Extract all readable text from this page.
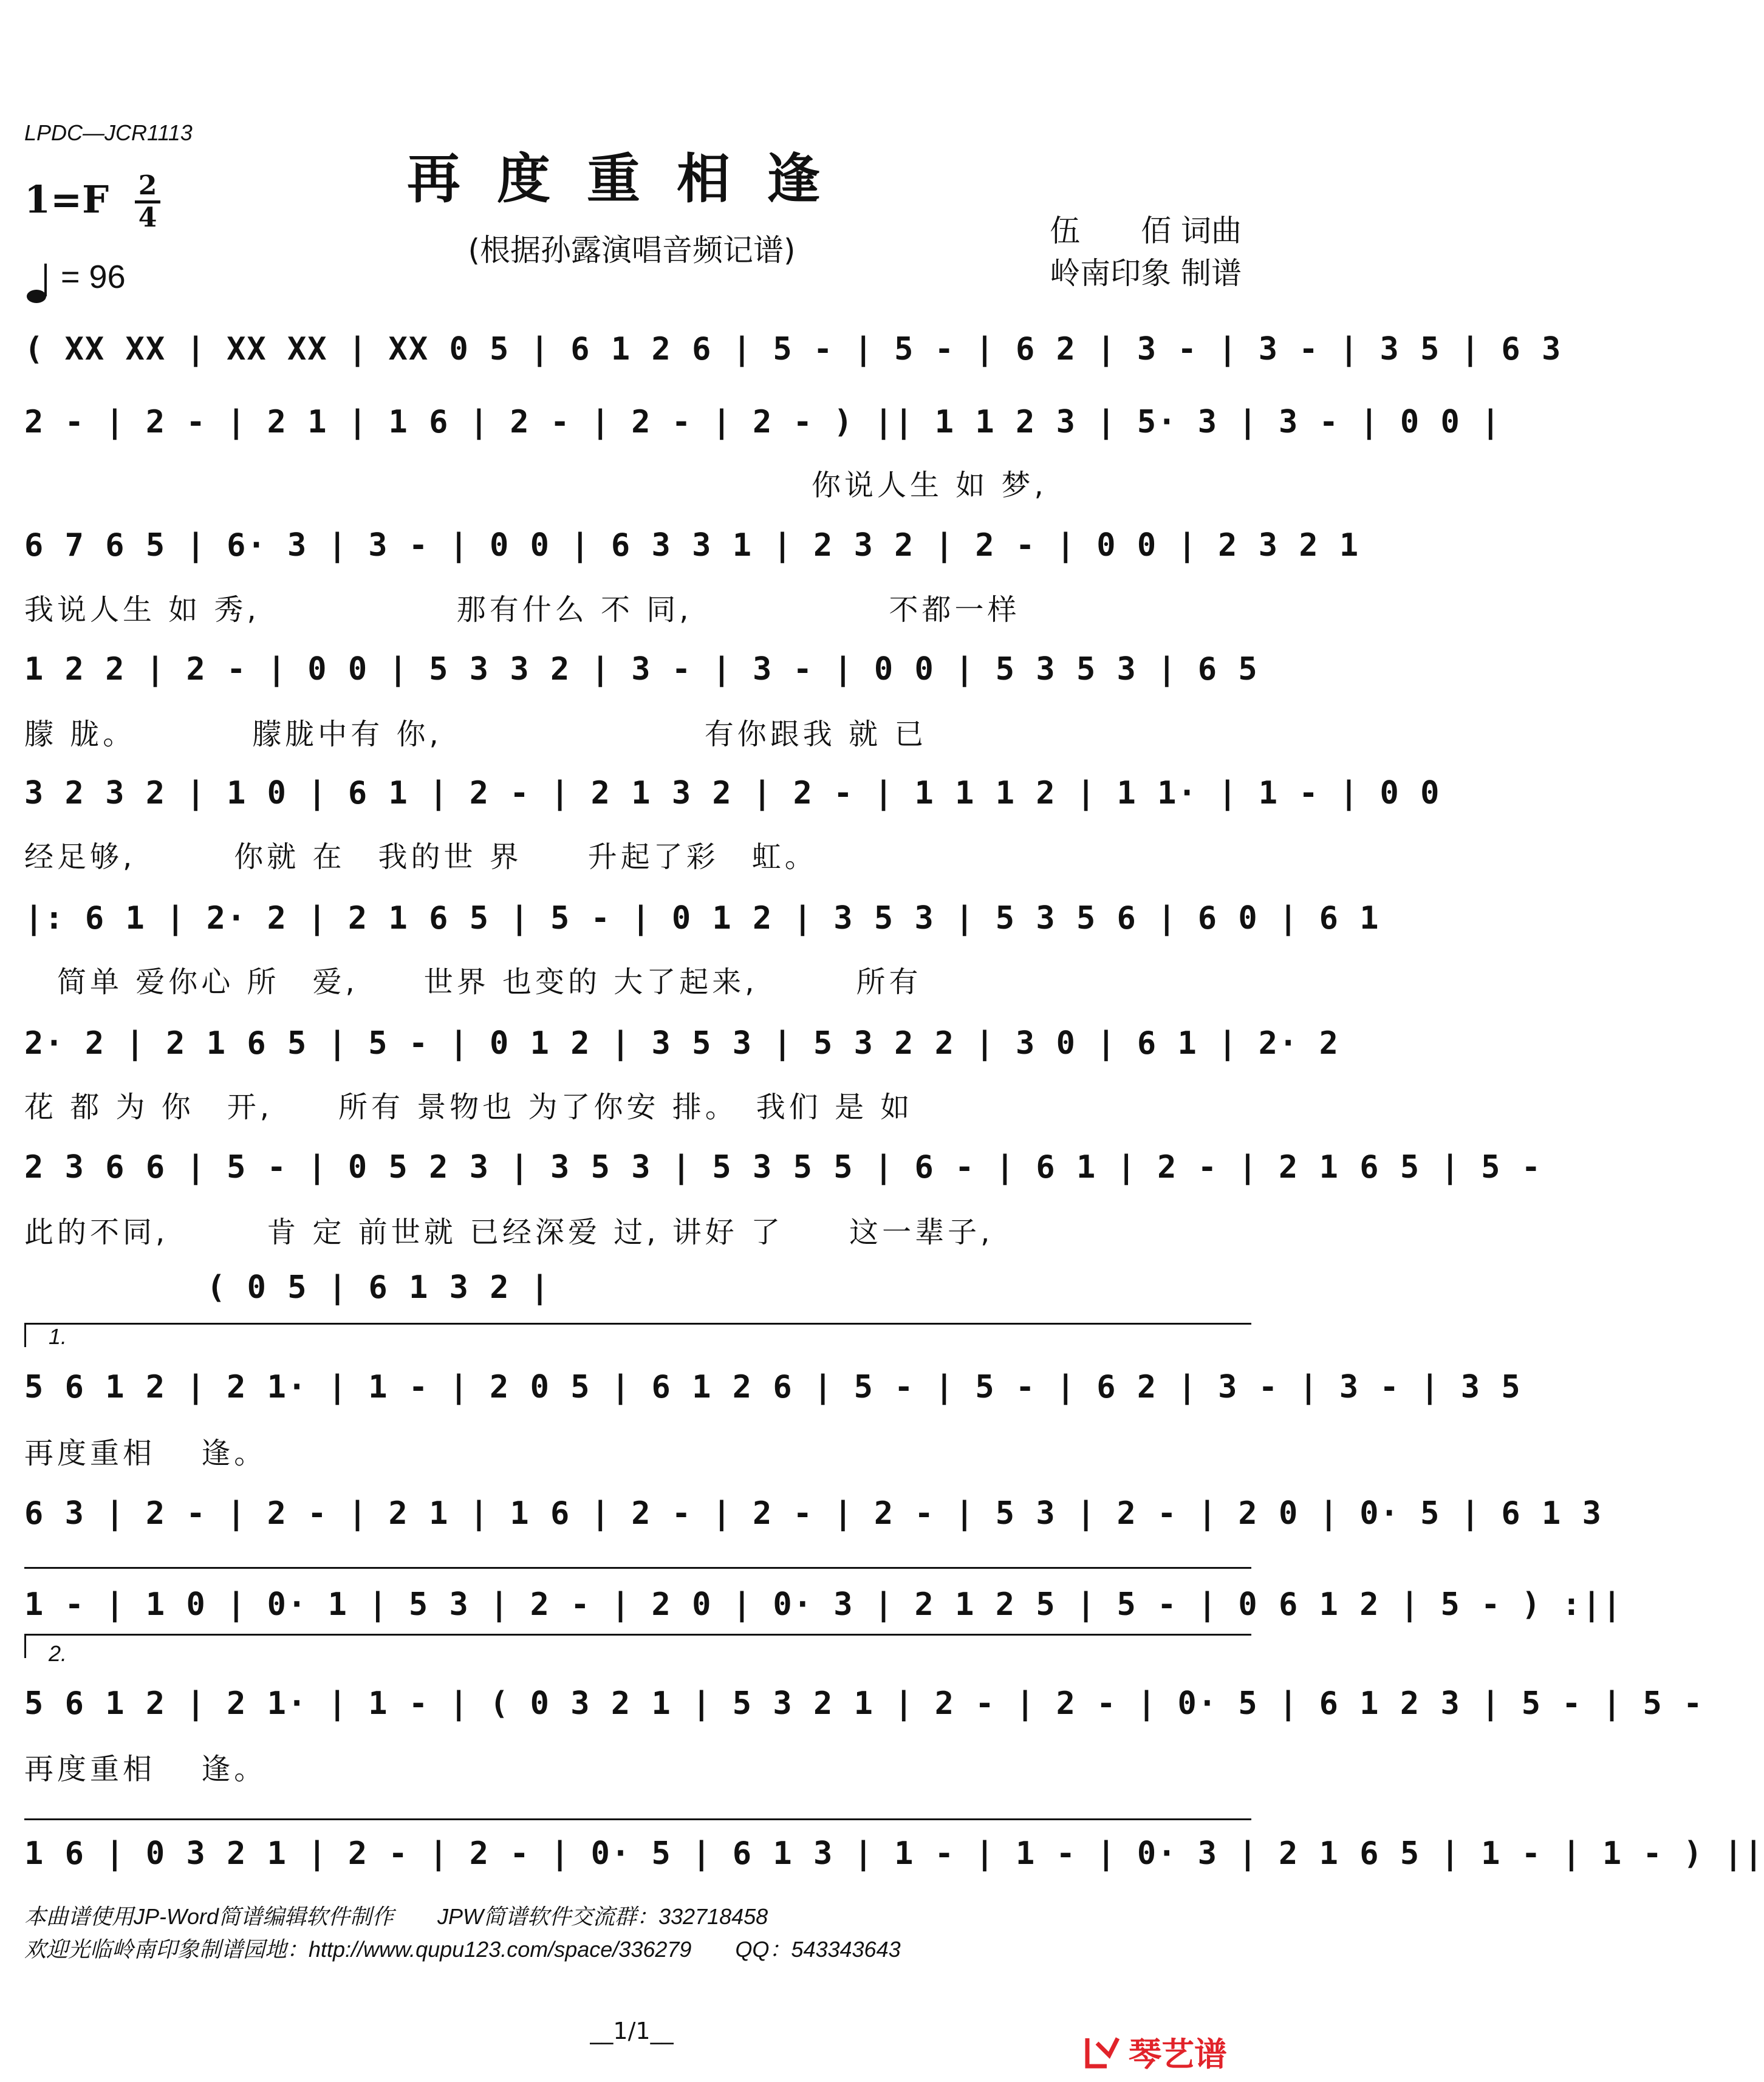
LPDC—JCR1113
再度重相逢
(根据孙露演唱音频记谱)
1=F 2
4
= 96
伍　　佰 词曲
岭南印象 制谱
( XX XX | XX XX | XX 0 5 | 6 1 2 6 | 5 - | 5 - | 6 2 | 3 - | 3 - | 3 5 | 6 3
2 - | 2 - | 2 1 | 1 6 | 2 - | 2 - | 2 - ) || 1 1 2 3 | 5· 3 | 3 - | 0 0 |
　　　　　　　　　　　　　　　　　　　　　　　　你说人生 如 梦,
6 7 6 5 | 6· 3 | 3 - | 0 0 | 6 3 3 1 | 2 3 2 | 2 - | 0 0 | 2 3 2 1
我说人生 如 秀,　　　　　　那有什么 不 同,　　　　　　不都一样
1 2 2 | 2 - | 0 0 | 5 3 3 2 | 3 - | 3 - | 0 0 | 5 3 5 3 | 6 5
朦 胧。　　　　朦胧中有 你,　　　　　　　　有你跟我 就 已
3 2 3 2 | 1 0 | 6 1 | 2 - | 2 1 3 2 | 2 - | 1 1 1 2 | 1 1· | 1 - | 0 0
经足够,　　　你就 在　我的世 界　　升起了彩　虹。
|: 6 1 | 2· 2 | 2 1 6 5 | 5 - | 0 1 2 | 3 5 3 | 5 3 5 6 | 6 0 | 6 1
　简单 爱你心 所　爱,　　世界 也变的 大了起来,　　　所有
2· 2 | 2 1 6 5 | 5 - | 0 1 2 | 3 5 3 | 5 3 2 2 | 3 0 | 6 1 | 2· 2
花 都 为 你　开,　　所有 景物也 为了你安 排。　我们 是 如
2 3 6 6 | 5 - | 0 5 2 3 | 3 5 3 | 5 3 5 5 | 6 - | 6 1 | 2 - | 2 1 6 5 | 5 -
此的不同,　　　肯 定 前世就 已经深爱 过, 讲好 了　　这一辈子,
( 0 5 | 6 1 3 2 |
1.
5 6 1 2 | 2 1· | 1 - | 2 0 5 | 6 1 2 6 | 5 - | 5 - | 6 2 | 3 - | 3 - | 3 5
再度重相　 逢。
6 3 | 2 - | 2 - | 2 1 | 1 6 | 2 - | 2 - | 2 - | 5 3 | 2 - | 2 0 | 0· 5 | 6 1 3
1 - | 1 0 | 0· 1 | 5 3 | 2 - | 2 0 | 0· 3 | 2 1 2 5 | 5 - | 0 6 1 2 | 5 - ) :||
2.
5 6 1 2 | 2 1· | 1 - | ( 0 3 2 1 | 5 3 2 1 | 2 - | 2 - | 0· 5 | 6 1 2 3 | 5 - | 5 -
再度重相　 逢。
1 6 | 0 3 2 1 | 2 - | 2 - | 0· 5 | 6 1 3 | 1 - | 1 - | 0· 3 | 2 1 6 5 | 1 - | 1 - ) ||
本曲谱使用JP-Word简谱编辑软件制作　　JPW简谱软件交流群：332718458
欢迎光临岭南印象制谱园地：http://www.qupu123.com/space/336279　　QQ：543343643
__1/1__
琴艺谱
